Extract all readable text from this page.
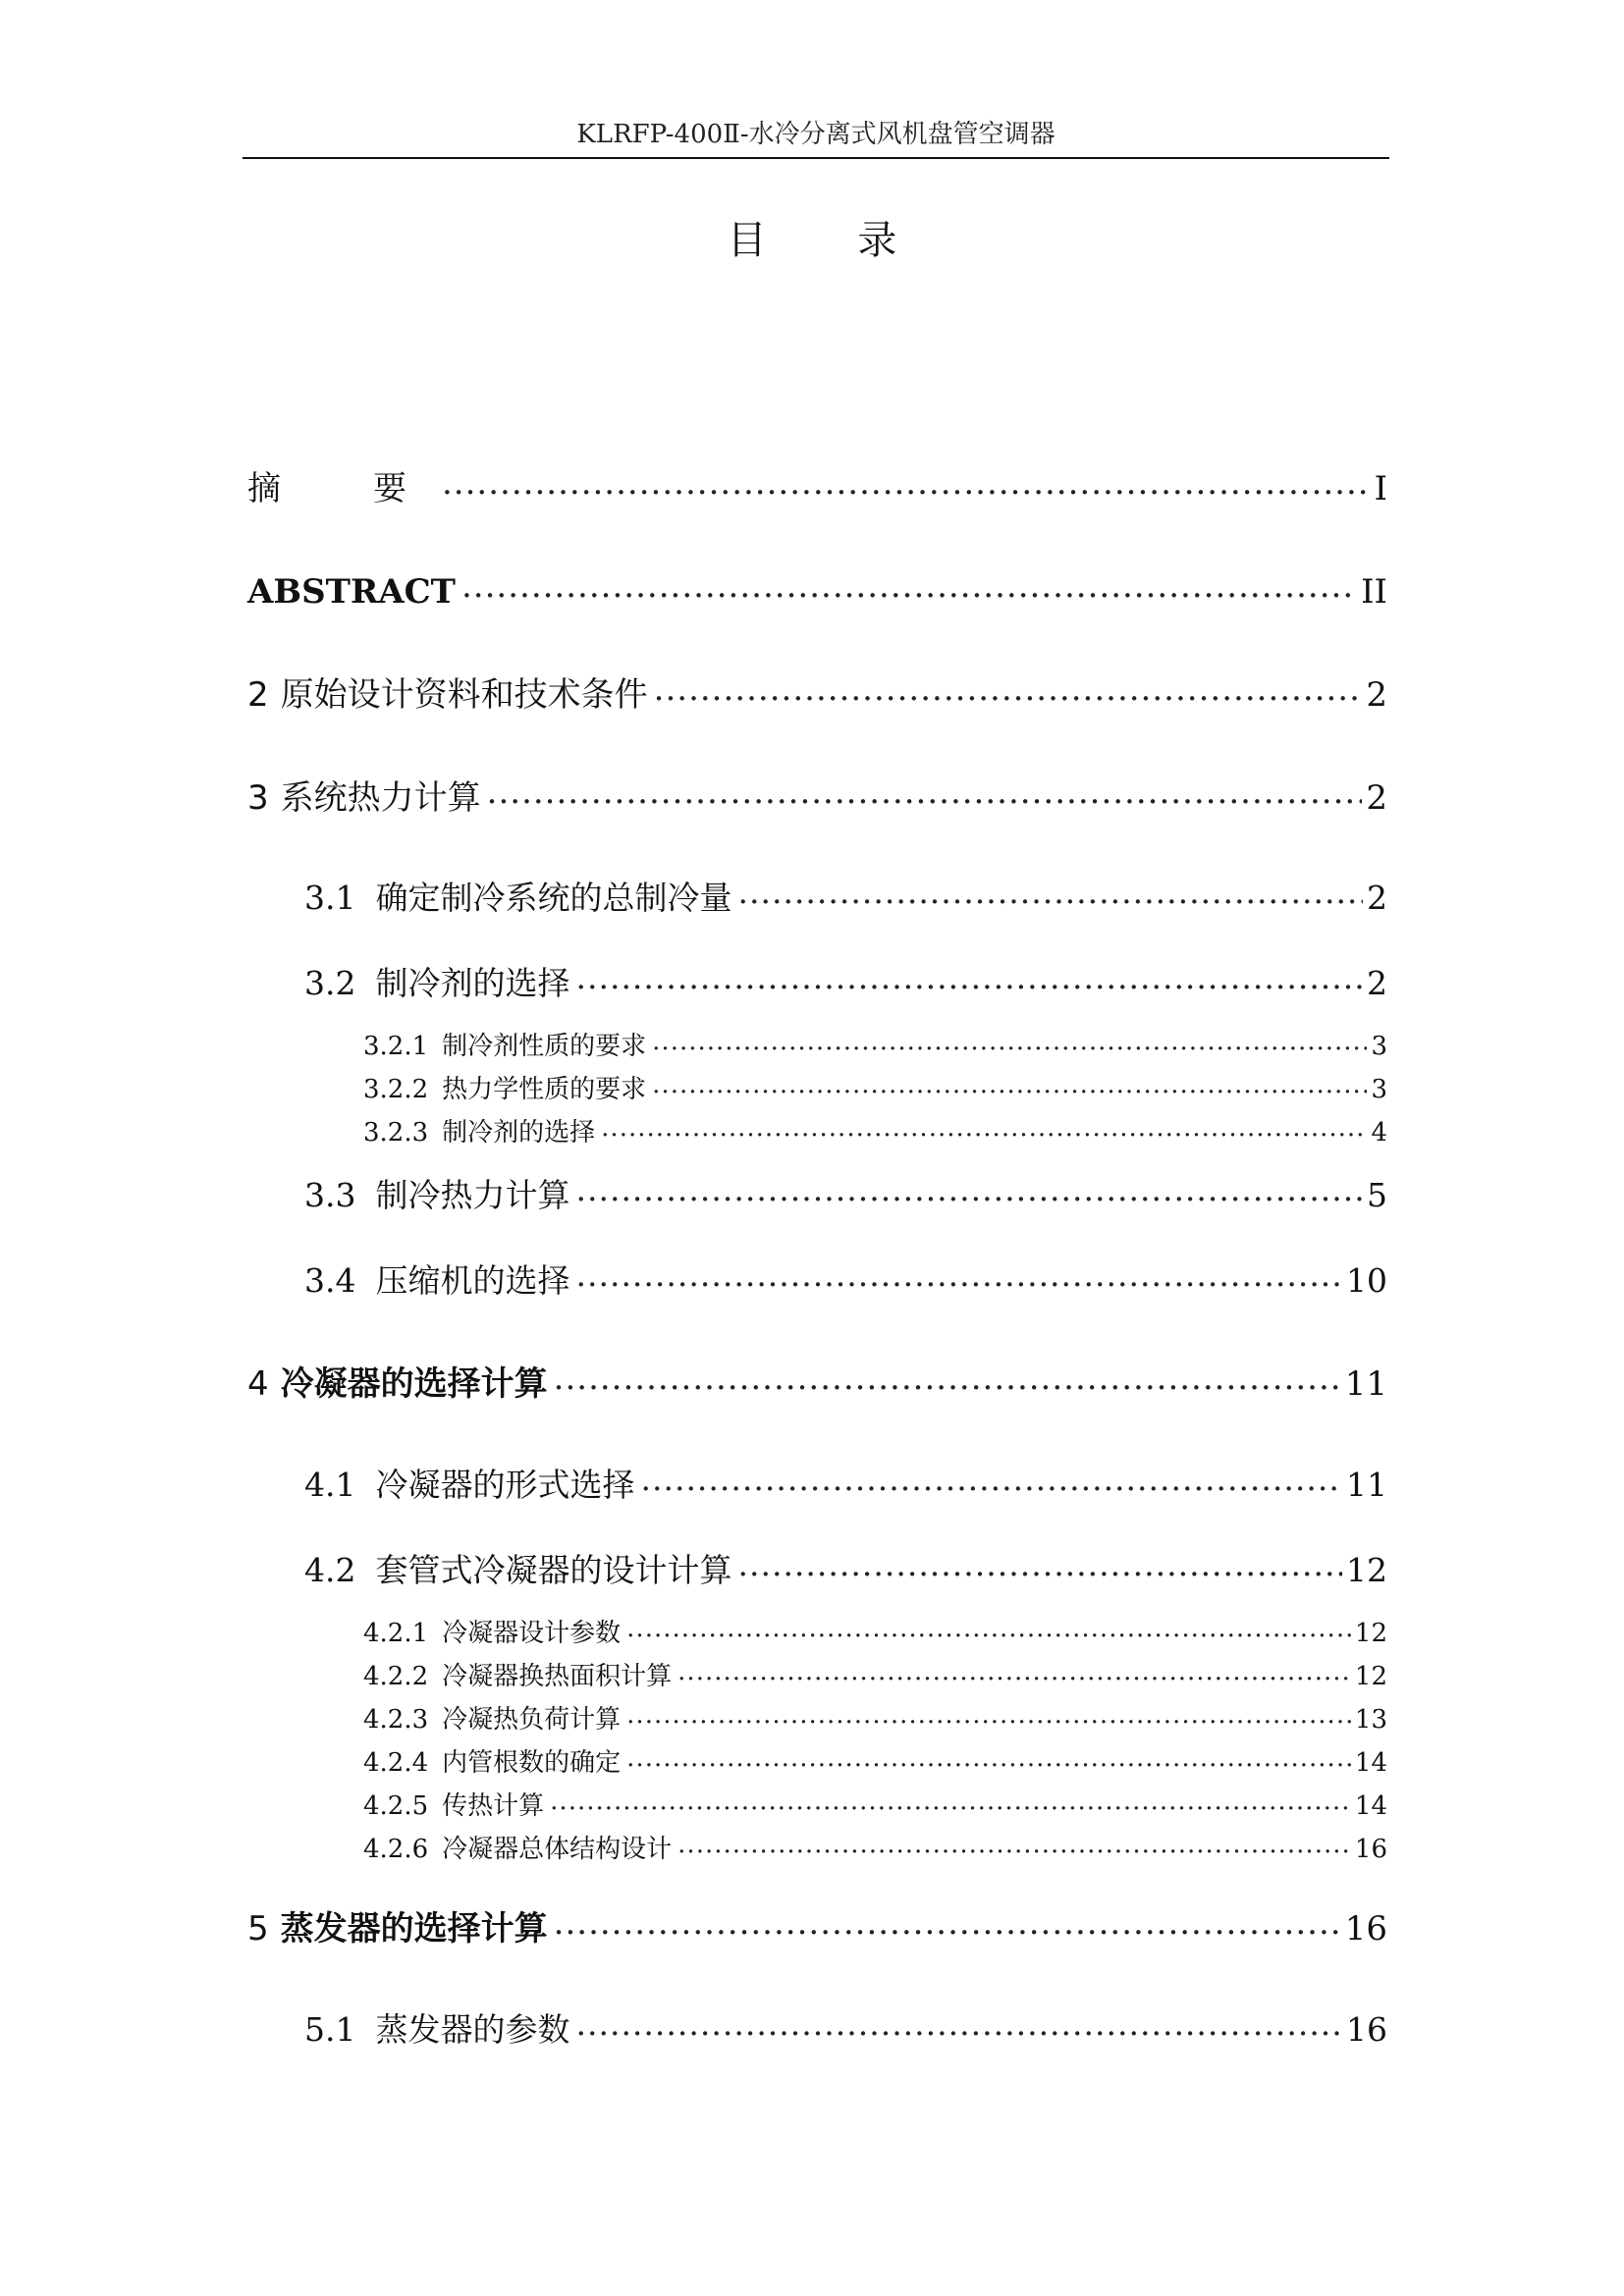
KLRFP-400Ⅱ-水冷分离式风机盘管空调器
目 录
摘　要 .....	I
ABSTRACT .....	II
2 原始设计资料和技术条件 .....	2
3 系统热力计算 .....	2
3.1 确定制冷系统的总制冷量 .....	2
3.2 制冷剂的选择 .....	2
3.2.1 制冷剂性质的要求 .....	3
3.2.2 热力学性质的要求 .....	3
3.2.3 制冷剂的选择 .....	4
3.3 制冷热力计算 .....	5
3.4 压缩机的选择 .....	10
4 冷凝器的选择计算 .....	11
4.1 冷凝器的形式选择 .....	11
4.2 套管式冷凝器的设计计算 .....	12
4.2.1 冷凝器设计参数 .....	12
4.2.2 冷凝器换热面积计算 .....	12
4.2.3 冷凝热负荷计算 .....	13
4.2.4 内管根数的确定 .....	14
4.2.5 传热计算 .....	14
4.2.6 冷凝器总体结构设计 .....	16
5 蒸发器的选择计算 .....	16
5.1 蒸发器的参数 .....	16
